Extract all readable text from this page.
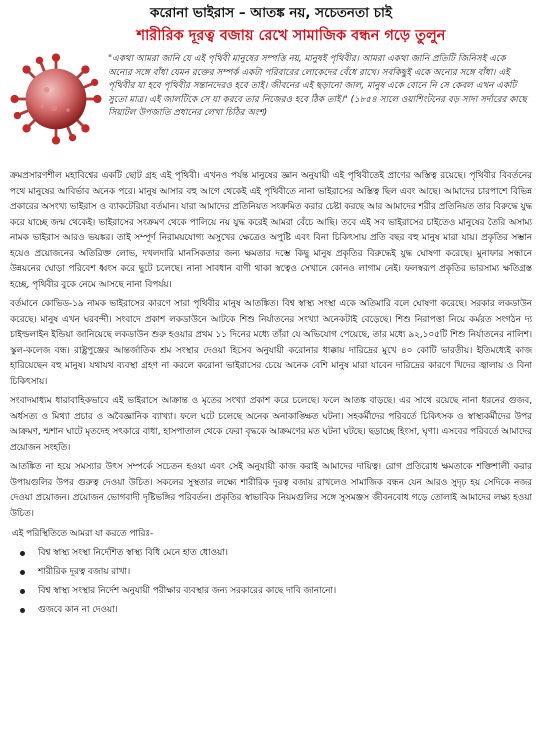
করোনা ভাইরাস – আতঙ্ক নয়, সচেতনতা চাই
শারীরিক দূরত্ব বজায় রেখে সামাজিক বন্ধন গড়ে তুলুন
"একথা আমরা জানি যে এই পৃথিবী মানুষের সম্পত্তি নয়, মানুষই পৃথিবীর। আমরা একথা জানি প্রতিটি জিনিসই একে অন্যের সঙ্গে বাঁধা যেমন রক্তের সম্পর্ক একটা পরিবারের লোকেদের বেঁধে রাখে। সবকিছুই একে অন্যের সঙ্গে বাঁধা। এই পৃথিবীর যা হবে পৃথিবীর সন্তানদেরও হবে তাই। জীবনের এই ছড়ানো জাল, মানুষ একে বোনে নি সে কেবল এখন একটি সুতো মাত্র। এই জালটিকে সে যা করবে তার নিজেরও হবে ঠিক তাই।" (১৮৫৪ সালে ওয়াশিংটনের বড় সাদা সর্দারের কাছে সিয়াটল উপজাতি প্রধানের লেখা চিঠির অংশ)

ক্রমপ্রসারণশীল মহাবিশ্বের একটি ছোট গ্রহ এই পৃথিবী। এখনও পর্যন্ত মানুষের জ্ঞান অনুযায়ী এই পৃথিবীতেই প্রাণের অস্তিত্ব রয়েছে। পৃথিবীর বিবর্তনের পথে মানুষের আবির্ভাব অনেক পরে। মানুষ আসার বহু আগে থেকেই এই পৃথিবীতে নানা ভাইরাসের অস্তিত্ব ছিল এবং আছে। আমাদের চারপাশে বিভিন্ন প্রকারের অসংখ্য ভাইরাস ও ব্যাকটেরিয়া বর্তমান। যারা আমাদের প্রতিনিয়ত সংক্রমিত করার চেষ্টা করছে আর আমাদের শরীর প্রতিনিয়ত তার বিরুদ্ধে যুদ্ধ করে যাচ্ছে জন্ম থেকেই। ভাইরাসের সংক্রমণ থেকে পালিয়ে নয় যুদ্ধ করেই আমরা বেঁচে আছি। তবে এই সব ভাইরাসের চাইতেও মানুষের তৈরি অসাম্য নামক ভাইরাস আরও ভয়ঙ্কর। তাই সম্পূর্ণ নিরাময়যোগ্য অসুখের ক্ষেত্রেও অপুষ্টি এবং বিনা চিকিৎসায় প্রতি বছর বহু মানুষ মারা যায়। প্রকৃতির সম্ভান হয়েও প্রয়োজনের অতিরিক্ত লোভ, দখলদারি মানসিকতার জন্য ক্ষমতার দম্ভে কিছু মানুষ প্রকৃতির বিরুদ্ধেই যুদ্ধ ঘোষণা করেছে। মুনাফার সন্ধানে উন্নয়নের ঘোড়া পরিবেশ ধ্বংস করে ছুটে চলেছে। নানা সাবধান বাণী থাকা স্বত্বেও সেখানে কোনও লাগাম নেই। ফলস্বরূপ প্রকৃতির ভারসাম্য ক্ষতিগ্রস্ত হচ্ছে, পৃথিবীর বুকে নেমে আসছে নানা বিপর্যয়।

বর্তমানে কোভিড-১৯ নামক ভাইরাসের কারণে সারা পৃথিবীর মানুষ আতঙ্কিত। বিশ্ব স্বাস্থ্য সংস্থা একে অতিমারি বলে ঘোষণা করেছে। সরকার লকডাউন করেছে। মানুষ এখন ঘরবন্দী। সংবাদে প্রকাশ লকডাউনে আটকে শিশু নির্যাতনের সংখ্যা অনেকটাই বেড়েছে। শিশু নিরাপত্তা নিয়ে কর্মরত সংগঠন দ্য চাইল্ডলাইন ইন্ডিয়া জানিয়েছে লকডাউন শুরু হওয়ার প্রথম ১১ দিনের মধ্যে তাঁরা যে অভিযোগ পেয়েছে, তার মধ্যে ৯২,১০৫টি শিশু নির্যাতনের নালিশ। স্কুল-কলেজ বন্ধ। রাষ্ট্রপুঞ্জের আন্তর্জাতিক শ্রম সংস্থার দেওয়া হিসেব অনুযায়ী করোনার ধাক্কায় দারিদ্রের মুখে ৪০ কোটি ভারতীয়। ইতিমধ্যেই কাজ হারিয়েছেন বহু মানুষ। যথাযথ ব্যবস্থা গ্রহণ না করলে করোনা ভাইরাসের চেয়ে অনেক বেশি মানুষ মারা যাবেন দারিদ্রের কারণে খিদের জ্বালায় ও বিনা চিকিৎসায়।

সংবাদমাধ্যম ধারাবাহিকভাবে এই ভাইরাসে আক্রান্ত ও মৃতের সংখ্যা প্রকাশ করে চলেছে। ফলে আতঙ্ক বাড়ছে। এর সাথে রয়েছে নানা ধরনের গুজব, অর্ধসত্য ও মিথ্যা প্রচার ও অবৈজ্ঞানিক ব্যাখ্যা। ফলে ঘটে চলেছে অনেক অনাকাঙ্ক্ষিত ঘটনা। সহকর্মীদের পরিবর্তে চিকিৎসক ও স্বাস্থ্যকর্মীদের উপর আক্রমণ, শ্মশান ঘাটে মৃতদেহ সৎকারে বাধা, হাসপাতাল থেকে ফেরা বৃদ্ধকে আক্রমণের মত ঘটনা ঘটছে। ছড়াচ্ছে হিংসা, ঘৃণা। এসবের পরিবর্তে আমাদের প্রয়োজন সংহতি।

আতঙ্কিত না হয়ে সমস্যার উৎস সম্পর্কে সচেতন হওয়া এবং সেই অনুযায়ী কাজ করাই আমাদের দায়িত্ব। রোগ প্রতিরোধ ক্ষমতাকে শক্তিশালী করার উপায়গুলির উপর গুরুত্ব দেওয়া উচিত। সকলের সুস্থতার লক্ষ্যে শারীরিক দূরত্ব বজায় রাখলেও সামাজিক বন্ধন যেন আরও সুদৃঢ় হয় সেদিকে নজর দেওয়া প্রয়োজন। প্রয়োজন ভোগবাদী দৃষ্টিভঙ্গির পরিবর্তন। প্রকৃতির স্বাভাবিক নিয়মগুলির সঙ্গে সুসমঞ্জস জীবনবোধ গড়ে তোলাই আমাদের লক্ষ্য হওয়া উচিত।

এই পরিস্থিতিতে আমরা যা করতে পারিঃ-
বিশ্ব স্বাস্থ্য সংস্থা নির্দেশিত স্বাস্থ্য বিধি মেনে হাত ধোওয়া।
শারীরিক দূরত্ব বজায় রাখা।
বিশ্ব স্বাস্থ্য সংস্থার নির্দেশ অনুযায়ী পরীক্ষার ব্যবস্থার জন্য সরকারের কাছে দাবি জানানো।
গুজবে কান না দেওয়া।
